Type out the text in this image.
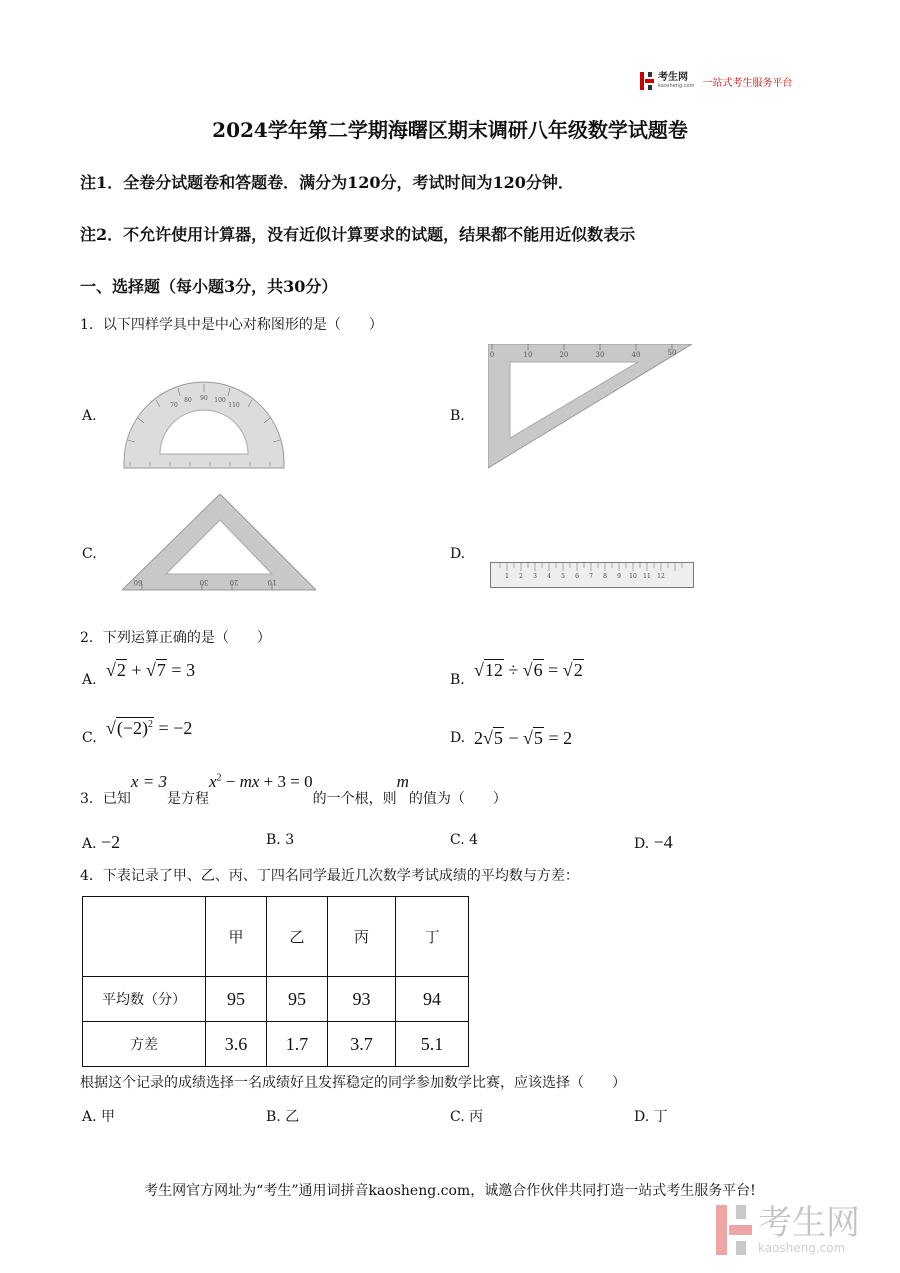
考生网
kaosheng.com 一站式考生服务平台
2024学年第二学期海曙区期末调研八年级数学试题卷
注1．全卷分试题卷和答题卷．满分为120分，考试时间为120分钟．
注2．不允许使用计算器，没有近似计算要求的试题，结果都不能用近似数表示
一、选择题（每小题3分，共30分）
1．以下四样学具中是中心对称图形的是（　　）
A.
90
80	100
70	110
B.
0	10	20	30	40	50
C.
60	30	20	10
D.
1 2 3 4 5 6 7 8 9 10 11 12
2．下列运算正确的是（　　）
A. √2 + √7 = 3	B. √12 ÷ √6 = √2
C. $√(-2)^2 = -2$	D. 2√5 − √5 = 2
3． 已知
x = 3
是方程
$x^2$ − mx + 3 = 0
的一个根，则
m
的值为（　　）
A. −2	B. 3	C. 4	D. −4
4．下表记录了甲、乙、丙、丁四名同学最近几次数学考试成绩的平均数与方差：
	甲	乙	丙	丁
平均数（分）	95	95	93	94
方差	3.6	1.7	3.7	5.1
根据这个记录的成绩选择一名成绩好且发挥稳定的同学参加数学比赛，应该选择（　　）
A. 甲	B. 乙	C. 丙	D. 丁
考生网官方网址为“考生”通用词拼音kaosheng.com，诚邀合作伙伴共同打造一站式考生服务平台!
考生网
kaosheng.com
